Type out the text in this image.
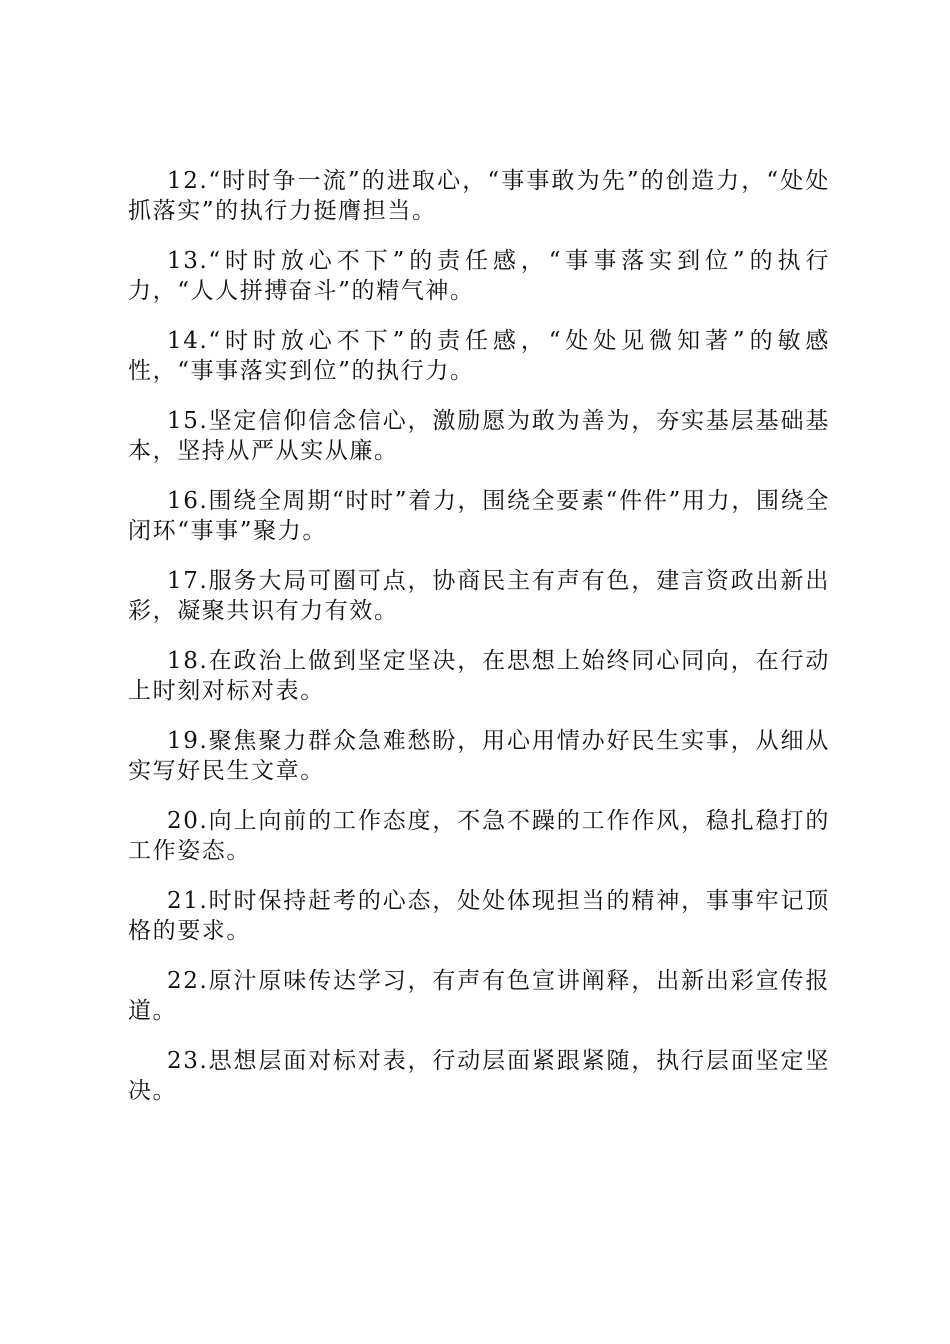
12.“时时争一流”的进取心，“事事敢为先”的创造力，“处处抓落实”的执行力挺膺担当。

13.“时时放心不下”的责任感，“事事落实到位”的执行力，“人人拼搏奋斗”的精气神。

14.“时时放心不下”的责任感，“处处见微知著”的敏感性，“事事落实到位”的执行力。

15.坚定信仰信念信心，激励愿为敢为善为，夯实基层基础基本，坚持从严从实从廉。

16.围绕全周期“时时”着力，围绕全要素“件件”用力，围绕全闭环“事事”聚力。

17.服务大局可圈可点，协商民主有声有色，建言资政出新出彩，凝聚共识有力有效。

18.在政治上做到坚定坚决，在思想上始终同心同向，在行动上时刻对标对表。

19.聚焦聚力群众急难愁盼，用心用情办好民生实事，从细从实写好民生文章。

20.向上向前的工作态度，不急不躁的工作作风，稳扎稳打的工作姿态。

21.时时保持赶考的心态，处处体现担当的精神，事事牢记顶格的要求。

22.原汁原味传达学习，有声有色宣讲阐释，出新出彩宣传报道。

23.思想层面对标对表，行动层面紧跟紧随，执行层面坚定坚决。
